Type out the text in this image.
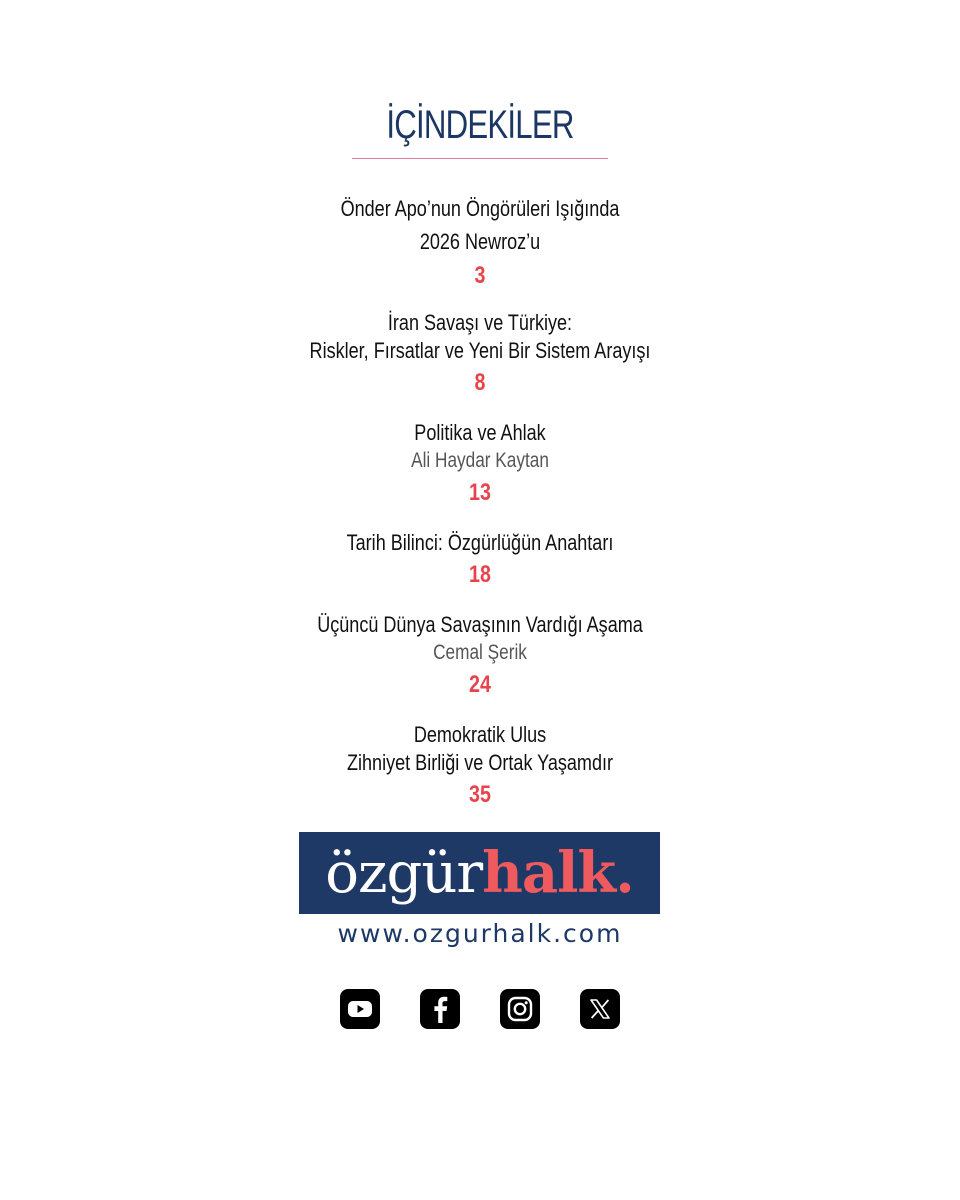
İÇİNDEKİLER
Önder Apo’nun Öngörüleri Işığında
2026 Newroz’u
3
İran Savaşı ve Türkiye:
Riskler, Fırsatlar ve Yeni Bir Sistem Arayışı
8
Politika ve Ahlak
Ali Haydar Kaytan
13
Tarih Bilinci: Özgürlüğün Anahtarı
18
Üçüncü Dünya Savaşının Vardığı Aşama
Cemal Şerik
24
Demokratik Ulus
Zihniyet Birliği ve Ortak Yaşamdır
35
özgürhalk.
www.ozgurhalk.com
